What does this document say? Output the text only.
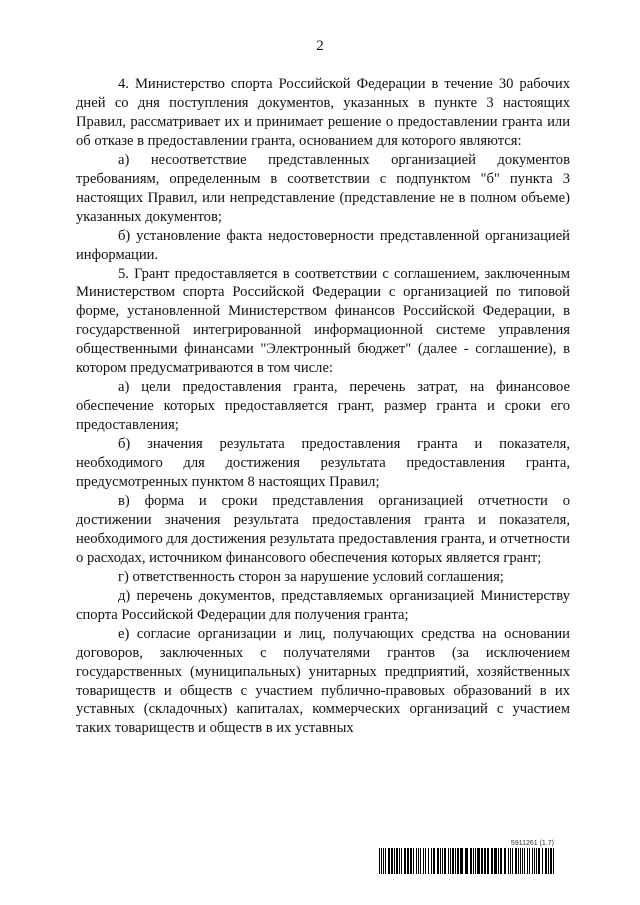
2

4. Министерство спорта Российской Федерации в течение 30 рабочих дней со дня поступления документов, указанных в пункте 3 настоящих Правил, рассматривает их и принимает решение о предоставлении гранта или об отказе в предоставлении гранта, основанием для которого являются:

а) несоответствие представленных организацией документов требованиям, определенным в соответствии с подпунктом "б" пункта 3 настоящих Правил, или непредставление (представление не в полном объеме) указанных документов;

б) установление факта недостоверности представленной организацией информации.

5. Грант предоставляется в соответствии с соглашением, заключенным Министерством спорта Российской Федерации с организацией по типовой форме, установленной Министерством финансов Российской Федерации, в государственной интегрированной информационной системе управления общественными финансами "Электронный бюджет" (далее - соглашение), в котором предусматриваются в том числе:

а) цели предоставления гранта, перечень затрат, на финансовое обеспечение которых предоставляется грант, размер гранта и сроки его предоставления;

б) значения результата предоставления гранта и показателя, необходимого для достижения результата предоставления гранта, предусмотренных пунктом 8 настоящих Правил;

в) форма и сроки представления организацией отчетности о достижении значения результата предоставления гранта и показателя, необходимого для достижения результата предоставления гранта, и отчетности о расходах, источником финансового обеспечения которых является грант;

г) ответственность сторон за нарушение условий соглашения;

д) перечень документов, представляемых организацией Министерству спорта Российской Федерации для получения гранта;

е) согласие организации и лиц, получающих средства на основании договоров, заключенных с получателями грантов (за исключением государственных (муниципальных) унитарных предприятий, хозяйственных товариществ и обществ с участием публично-правовых образований в их уставных (складочных) капиталах, коммерческих организаций с участием таких товариществ и обществ в их уставных

5911261 (1.7)
